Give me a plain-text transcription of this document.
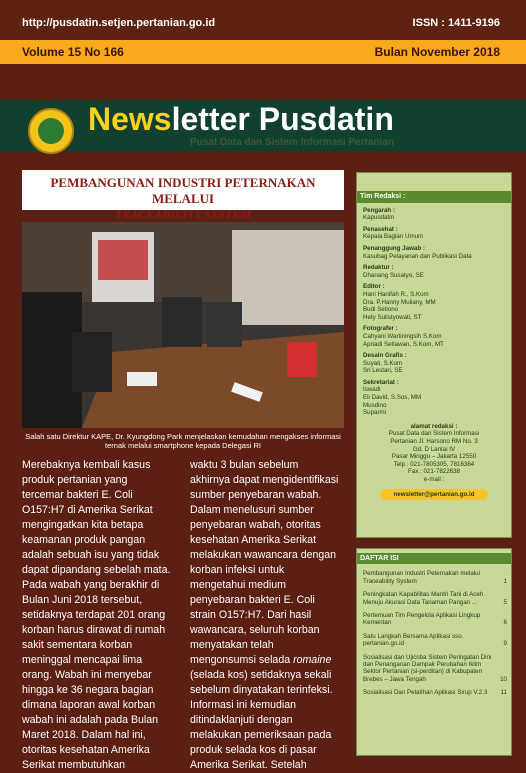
http://pusdatin.setjen.pertanian.go.id	ISSN : 1411-9196
Volume 15 No 166	Bulan November 2018
Newsletter Pusdatin
Pusat Data dan Sistem Informasi Pertanian
PEMBANGUNAN INDUSTRI PETERNAKAN MELALUI
TRACEABILITY SYSTEM
Salah satu Direktur KAPE, Dr. Kyungdong Park menjelaskan kemudahan mengakses informasi ternak melalui smartphone kepada Delegasi RI

Merebaknya kembali kasus produk pertanian yang tercemar bakteri E. Coli O157:H7 di Amerika Serikat mengingatkan kita betapa keamanan produk pangan adalah sebuah isu yang tidak dapat dipandang sebelah mata. Pada wabah yang berakhir di Bulan Juni 2018 tersebut, setidaknya terdapat 201 orang korban harus dirawat di rumah sakit sementara korban meninggal mencapai lima orang. Wabah ini menyebar hingga ke 36 negara bagian dimana laporan awal korban wabah ini adalah pada Bulan Maret 2018. Dalam hal ini, otoritas kesehatan Amerika Serikat membutuhkan

waktu 3 bulan sebelum akhirnya dapat mengidentifikasi sumber penyebaran wabah.

Dalam menelusuri sumber penyebaran wabah, otoritas kesehatan Amerika Serikat melakukan wawancara dengan korban infeksi untuk mengetahui medium penyebaran bakteri E. Coli strain O157:H7. Dari hasil wawancara, seluruh korban menyatakan telah mengonsumsi selada romaine (selada kos) setidaknya sekali sebelum dinyatakan terinfeksi. Informasi ini kemudian ditindaklanjuti dengan melakukan pemeriksaan pada produk selada kos di pasar Amerika Serikat. Setelah

Tim Redaksi :
Pengarah :
Kapusdatin
Penasehat :
Kepala Bagian Umum
Penanggung Jawab :
Kasubag Pelayanan dan Publikasi Data
Redaktur :
Dhanang Susatyo, SE
Editor :
Hani Hanifah R., S.Kom
Dra. P.Hanny Muliany, MM
Budi Setiono
Hety Sulistyowati, ST
Fotografer :
Cahyani Wartiningsih S.Kom
Apriadi Setiawan, S.Kom, MT
Desain Grafis :
Suyati, S.Kom
Sri Lestari, SE
Sekretariat :
Iswadi
Eli David, S.Sos, MM
Musdino
Suparmi
alamat redaksi :
Pusat Data dan Sistem Informasi
Pertanian Jl. Harsono RM No. 3
Gd. D Lantai IV
Pasar Minggu – Jakarta 12550
Telp : 021-7805305, 7816384
Fax : 021-7822638
e-mail :
newsletter@pertanian.go.id
DAFTAR ISI
Pembangunan Industri Peternakan melalui Traceability System	1
Peningkatan Kapabilitas Mantri Tani di Aceh Menuju Akurasi Data Tanaman Pangan ...	5
Pertemuan Tim Pengelola Aplikasi Lingkup Kementan	6
Satu Langkah Bersama Aplikasi sso. pertanian.go.id	9
Sosialisasi dan Ujicoba Sistem Peringatan Dini dan Penanganan Dampak Perubahan Iklim Sektor Pertanian (si-perditan) di Kabupaten Brebes – Jawa Tengah	10
Sosialisasi Dan Pelatihan Aplikasi Sirup V.2.3	11
